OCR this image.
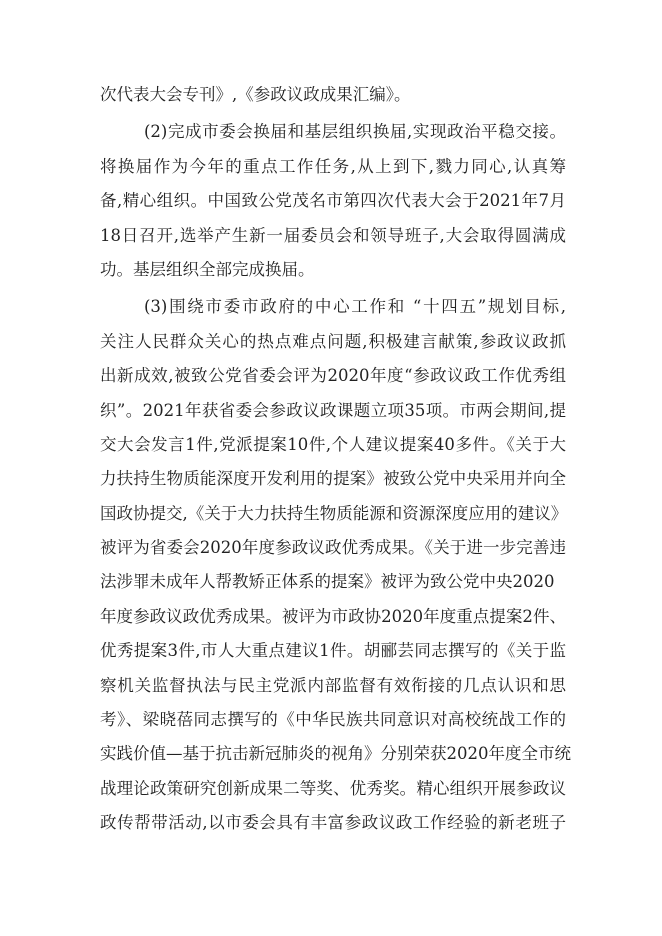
次代表大会专刊》,《参政议政成果汇编》。
(2)完成市委会换届和基层组织换届,实现政治平稳交接。
将换届作为今年的重点工作任务,从上到下,戮力同心,认真筹
备,精心组织。中国致公党茂名市第四次代表大会于2021年7月
18日召开,选举产生新一届委员会和领导班子,大会取得圆满成
功。基层组织全部完成换届。
(3)围绕市委市政府的中心工作和 “十四五”规划目标,
关注人民群众关心的热点难点问题,积极建言献策,参政议政抓
出新成效,被致公党省委会评为2020年度“参政议政工作优秀组
织”。2021年获省委会参政议政课题立项35项。市两会期间,提
交大会发言1件,党派提案10件,个人建议提案40多件。《关于大
力扶持生物质能深度开发利用的提案》被致公党中央采用并向全
国政协提交,《关于大力扶持生物质能源和资源深度应用的建议》
被评为省委会2020年度参政议政优秀成果。《关于进一步完善违
法涉罪未成年人帮教矫正体系的提案》被评为致公党中央2020
年度参政议政优秀成果。被评为市政协2020年度重点提案2件、
优秀提案3件,市人大重点建议1件。胡郦芸同志撰写的《关于监
察机关监督执法与民主党派内部监督有效衔接的几点认识和思
考》、梁晓蓓同志撰写的《中华民族共同意识对高校统战工作的
实践价值—基于抗击新冠肺炎的视角》分别荣获2020年度全市统
战理论政策研究创新成果二等奖、优秀奖。精心组织开展参政议
政传帮带活动,以市委会具有丰富参政议政工作经验的新老班子
